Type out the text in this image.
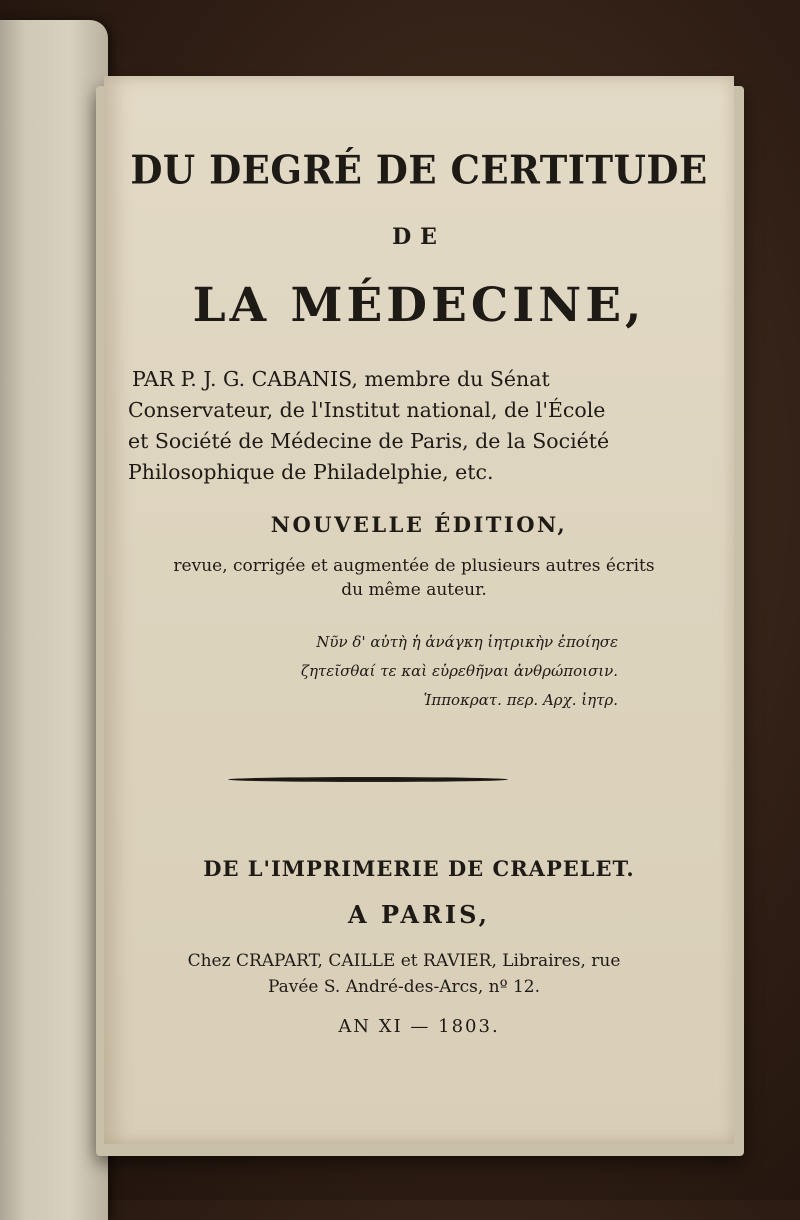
DU DEGRÉ DE CERTITUDE
DE
LA MÉDECINE,
PAR P. J. G. CABANIS, membre du Sénat
Conservateur, de l'Institut national, de l'École
et Société de Médecine de Paris, de la Société
Philosophique de Philadelphie, etc.
NOUVELLE ÉDITION,
revue, corrigée et augmentée de plusieurs autres écrits
du même auteur.
Νῦν δ' αὐτὴ ἡ ἀνάγκη ἰητρικὴν ἐποίησε
ζητεῖσθαί τε καὶ εὑρεθῆναι ἀνθρώποισιν.
Ἱπποκρατ. περ. Αρχ. ἰητρ.
DE L'IMPRIMERIE DE CRAPELET.
A PARIS,
Chez CRAPART, CAILLE et RAVIER, Libraires, rue
Pavée S. André-des-Arcs, nº 12.
AN XI — 1803.
